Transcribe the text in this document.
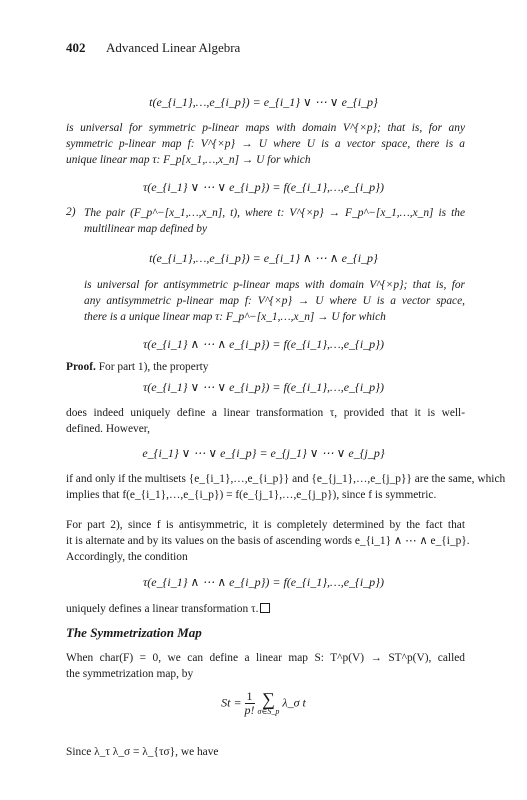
402 Advanced Linear Algebra
t(e_{i_1},…,e_{i_p}) = e_{i_1} ∨ ⋯ ∨ e_{i_p}
is universal for symmetric p-linear maps with domain V^{×p}; that is, for any
symmetric p-linear map f: V^{×p} → U where U is a vector space, there is a
unique linear map τ: F_p[x_1,…,x_n] → U for which
τ(e_{i_1} ∨ ⋯ ∨ e_{i_p}) = f(e_{i_1},…,e_{i_p})
2) The pair (F_p^−[x_1,…,x_n], t), where t: V^{×p} → F_p^−[x_1,…,x_n] is the
multilinear map defined by
t(e_{i_1},…,e_{i_p}) = e_{i_1} ∧ ⋯ ∧ e_{i_p}
is universal for antisymmetric p-linear maps with domain V^{×p}; that is, for
any antisymmetric p-linear map f: V^{×p} → U where U is a vector space,
there is a unique linear map τ: F_p^−[x_1,…,x_n] → U for which
τ(e_{i_1} ∧ ⋯ ∧ e_{i_p}) = f(e_{i_1},…,e_{i_p})
Proof. For part 1), the property
τ(e_{i_1} ∨ ⋯ ∨ e_{i_p}) = f(e_{i_1},…,e_{i_p})
does indeed uniquely define a linear transformation τ, provided that it is well-
defined. However,
e_{i_1} ∨ ⋯ ∨ e_{i_p} = e_{j_1} ∨ ⋯ ∨ e_{j_p}
if and only if the multisets {e_{i_1},…,e_{i_p}} and {e_{j_1},…,e_{j_p}} are the same, which
implies that f(e_{i_1},…,e_{i_p}) = f(e_{j_1},…,e_{j_p}), since f is symmetric.
For part 2), since f is antisymmetric, it is completely determined by the fact that
it is alternate and by its values on the basis of ascending words e_{i_1} ∧ ⋯ ∧ e_{i_p}.
Accordingly, the condition
τ(e_{i_1} ∧ ⋯ ∧ e_{i_p}) = f(e_{i_1},…,e_{i_p})
uniquely defines a linear transformation τ.
The Symmetrization Map
When char(F) = 0, we can define a linear map S: T^p(V) → ST^p(V), called
the symmetrization map, by
$St = \frac{1}{p!}$
∑
σ∈S_p
λ_σ t
Since λ_τ λ_σ = λ_{τσ}, we have
